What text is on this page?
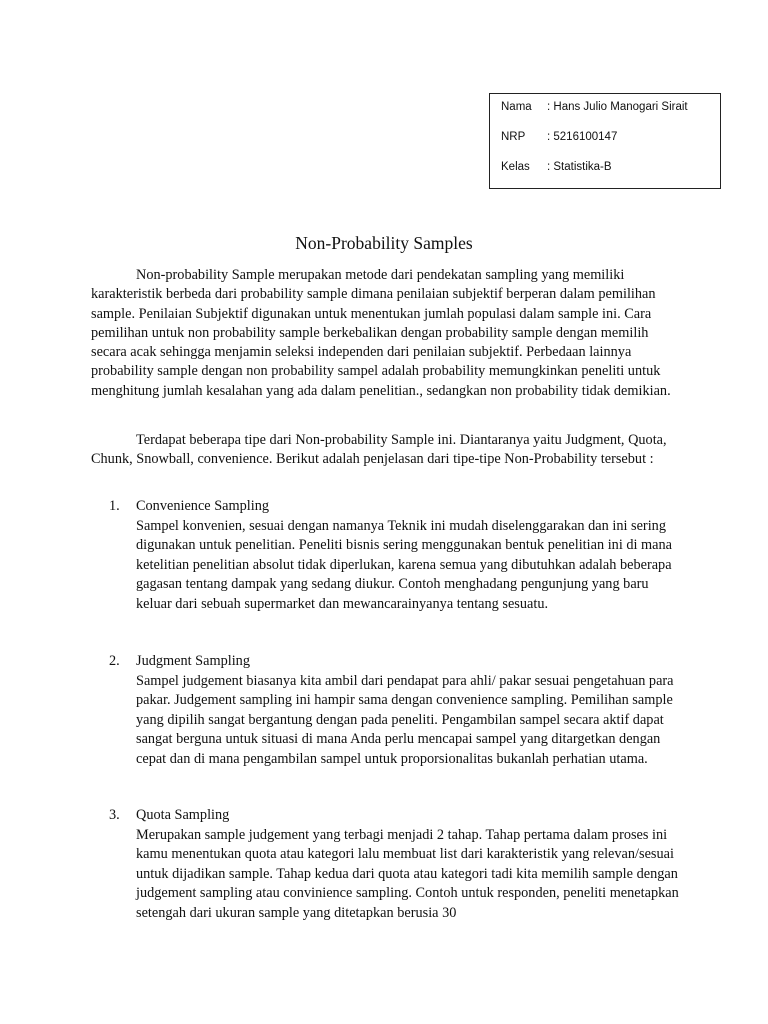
Nama	: Hans Julio Manogari Sirait
NRP	: 5216100147
Kelas	: Statistika-B
Non-Probability Samples

Non-probability Sample merupakan metode dari pendekatan sampling yang memiliki karakteristik berbeda dari probability sample dimana penilaian subjektif berperan dalam pemilihan sample. Penilaian Subjektif digunakan untuk menentukan jumlah populasi dalam sample ini. Cara pemilihan untuk non probability sample berkebalikan dengan probability sample dengan memilih secara acak sehingga menjamin seleksi independen dari penilaian subjektif. Perbedaan lainnya probability sample dengan non probability sampel adalah probability memungkinkan peneliti untuk menghitung jumlah kesalahan yang ada dalam penelitian., sedangkan non probability tidak demikian.

Terdapat beberapa tipe dari Non-probability Sample ini. Diantaranya yaitu Judgment, Quota, Chunk, Snowball, convenience. Berikut adalah penjelasan dari tipe-tipe Non-Probability tersebut :

1. Convenience Sampling
Sampel konvenien, sesuai dengan namanya Teknik ini mudah diselenggarakan dan ini sering digunakan untuk penelitian. Peneliti bisnis sering menggunakan bentuk penelitian ini di mana ketelitian penelitian absolut tidak diperlukan, karena semua yang dibutuhkan adalah beberapa gagasan tentang dampak yang sedang diukur. Contoh menghadang pengunjung yang baru keluar dari sebuah supermarket dan mewancarainyanya tentang sesuatu.
2. Judgment Sampling
Sampel judgement biasanya kita ambil dari pendapat para ahli/ pakar sesuai pengetahuan para pakar. Judgement sampling ini hampir sama dengan convenience sampling. Pemilihan sample yang dipilih sangat bergantung dengan pada peneliti. Pengambilan sampel secara aktif dapat sangat berguna untuk situasi di mana Anda perlu mencapai sampel yang ditargetkan dengan cepat dan di mana pengambilan sampel untuk proporsionalitas bukanlah perhatian utama.
3. Quota Sampling
Merupakan sample judgement yang terbagi menjadi 2 tahap. Tahap pertama dalam proses ini kamu menentukan quota atau kategori lalu membuat list dari karakteristik yang relevan/sesuai untuk dijadikan sample. Tahap kedua dari quota atau kategori tadi kita memilih sample dengan judgement sampling atau convinience sampling. Contoh untuk responden, peneliti menetapkan setengah dari ukuran sample yang ditetapkan berusia 30
